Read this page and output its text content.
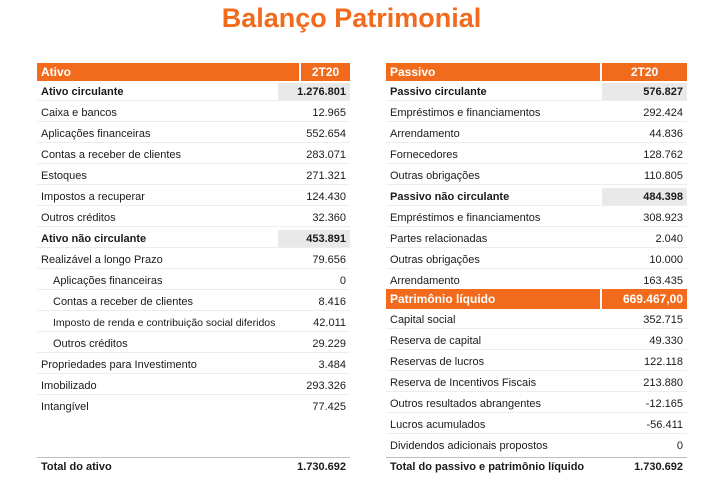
Balanço Patrimonial
Ativo	2T20
Ativo circulante	1.276.801
Caixa e bancos	12.965
Aplicações financeiras	552.654
Contas a receber de clientes	283.071
Estoques	271.321
Impostos a recuperar	124.430
Outros créditos	32.360
Ativo não circulante	453.891
Realizável a longo Prazo	79.656
Aplicações financeiras	0
Contas a receber de clientes	8.416
Imposto de renda e contribuição social diferidos	42.011
Outros créditos	29.229
Propriedades para Investimento	3.484
Imobilizado	293.326
Intangível	77.425
Total do ativo	1.730.692
Passivo	2T20
Passivo circulante	576.827
Empréstimos e financiamentos	292.424
Arrendamento	44.836
Fornecedores	128.762
Outras obrigações	110.805
Passivo não circulante	484.398
Empréstimos e financiamentos	308.923
Partes relacionadas	2.040
Outras obrigações	10.000
Arrendamento	163.435
Patrimônio líquido	669.467,00
Capital social	352.715
Reserva de capital	49.330
Reservas de lucros	122.118
Reserva de Incentivos Fiscais	213.880
Outros resultados abrangentes	-12.165
Lucros acumulados	-56.411
Dividendos adicionais propostos	0
Total do passivo e patrimônio líquido	1.730.692
